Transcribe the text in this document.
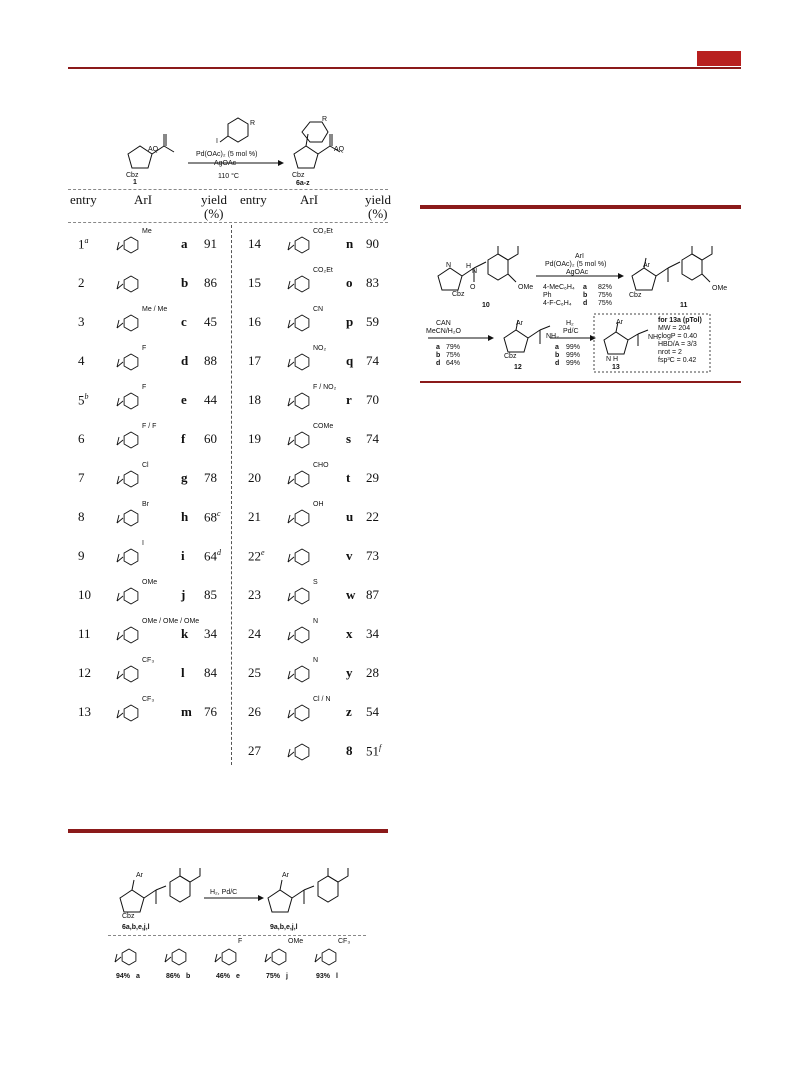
AQ
Cbz
1
I
R
Pd(OAc)₂ (5 mol %)
AgOAc
110 °C
R
AQ
Cbz
6a-z
entry	ArI	yield
(%)
entry	ArI	yield
(%)
1$^a$	a 91
Me
2	b 86
3	c 45
Me / Me
4	d 88
F
5$^b$	e 44
F
6	f 60
F / F
7	g 78
Cl
8	h 68$^c$
Br
9	i 64$^d$
I
10	j 85
OMe
11	k 34
OMe / OMe / OMe
12	l 84
CF₃
13	m 76
CF₃
14	n 90
CO₂Et
15	o 83
CO₂Et
16	p 59
CN
17	q 74
NO₂
18	r 70
F / NO₂
19	s 74
COMe
20	t 29
CHO
21	u 22
OH
22e	v 73
23	w 87
S
24	x 34
N
25	y 28
N
26	z 54
Cl / N
27	8 51$^f$
N H
N
Cbz
O	OMe
10
ArI
Pd(OAc)₂ (5 mol %)
AgOAc
4-MeC₆H₄ a 82%
Ph	b 75%
4-F-C₆H₄ d 75%
Ar
Cbz
OMe
11
CAN
MeCN/H₂O
a 79%
b 75%
d 64%
Ar
NH₂
Cbz
12
H₂
Pd/C
a 99%
b 99%
d 99%
Ar
NH₂
N H
13
for 13a (pTol)
MW = 204
clogP = 0.40
HBD/A = 3/3
nrot = 2
fsp³C = 0.42
Ar
Cbz
6a,b,e,j,l
H₂, Pd/C
Ar
9a,b,e,j,l
94% a	86% b
F
46% e
OMe
75% j
CF₃
93% l
